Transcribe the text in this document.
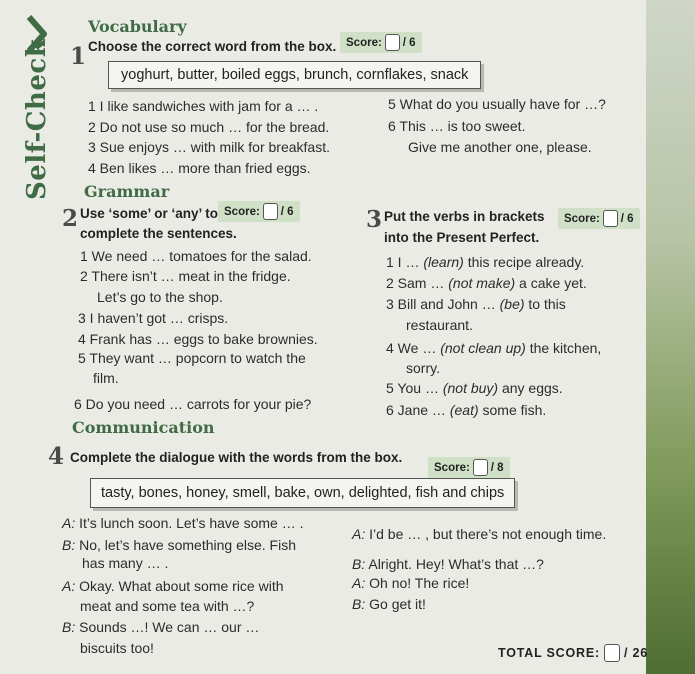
Self-Check
Vocabulary
1 Choose the correct word from the box. Score: / 6
yoghurt, butter, boiled eggs, brunch, cornflakes, snack
1 I like sandwiches with jam for a … .
2 Do not use so much … for the bread.
3 Sue enjoys … with milk for breakfast.
4 Ben likes … more than fried eggs.
5 What do you usually have for …?
6 This … is too sweet.
Give me another one, please.
Grammar
2 Use ‘some’ or ‘any’ to
complete the sentences.
Score: / 6
1 We need … tomatoes for the salad.
2 There isn’t … meat in the fridge.
Let’s go to the shop.
3 I haven’t got … crisps.
4 Frank has … eggs to bake brownies.
5 They want … popcorn to watch the
film.
6 Do you need … carrots for your pie?
3 Put the verbs in brackets
into the Present Perfect.
Score: / 6
1 I … (learn) this recipe already.
2 Sam … (not make) a cake yet.
3 Bill and John … (be) to this
restaurant.
4 We … (not clean up) the kitchen,
sorry.
5 You … (not buy) any eggs.
6 Jane … (eat) some fish.
Communication
4 Complete the dialogue with the words from the box.
Score: / 8
tasty, bones, honey, smell, bake, own, delighted, fish and chips
A: It’s lunch soon. Let’s have some … .
B: No, let’s have something else. Fish
has many … .
A: Okay. What about some rice with
meat and some tea with …?
B: Sounds …! We can … our …
biscuits too!
A: I’d be … , but there’s not enough time.
B: Alright. Hey! What’s that …?
A: Oh no! The rice!
B: Go get it!
TOTAL SCORE: / 26
